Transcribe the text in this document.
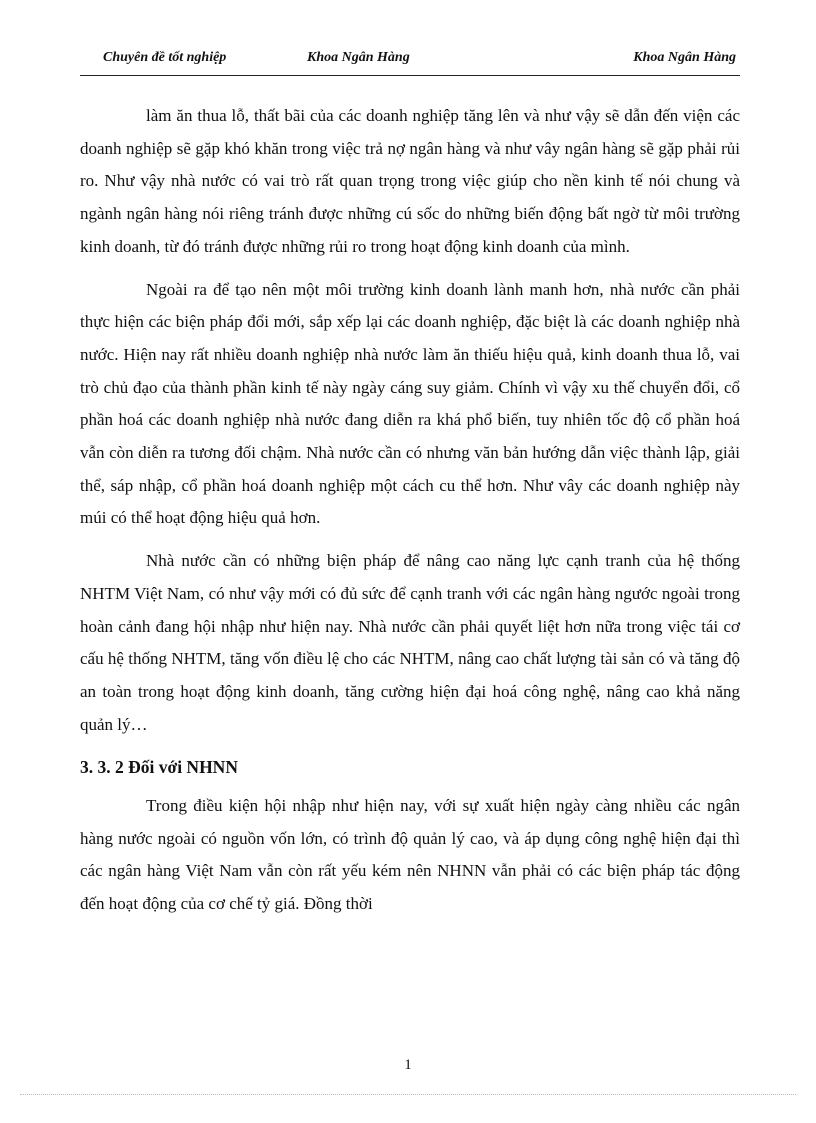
Chuyên đề tốt nghiệp	Khoa Ngân Hàng	Khoa Ngân Hàng

làm ăn thua lỗ, thất bãi của các doanh nghiệp tăng lên và như vậy sẽ dẫn đến viện các doanh nghiệp sẽ gặp khó khăn trong việc trả nợ ngân hàng và như vây ngân hàng sẽ gặp phải rủi ro. Như vậy nhà nước có vai trò rất quan trọng trong việc giúp cho nền kinh tế nói chung và ngành ngân hàng nói riêng tránh được những cú sốc do những biến động bất ngờ từ môi trường kinh doanh, từ đó tránh được những rủi ro trong hoạt động kinh doanh của mình.

Ngoài ra để tạo nên một môi trường kinh doanh lành manh hơn, nhà nước cần phải thực hiện các biện pháp đổi mới, sắp xếp lại các doanh nghiệp, đặc biệt là các doanh nghiệp nhà nước. Hiện nay rất nhiều doanh nghiệp nhà nước làm ăn thiếu hiệu quả, kinh doanh thua lỗ, vai trò chủ đạo của thành phần kinh tế này ngày cáng suy giảm. Chính vì vậy xu thế chuyển đổi, cổ phần hoá các doanh nghiệp nhà nước đang diễn ra khá phổ biến, tuy nhiên tốc độ cổ phần hoá vẫn còn diễn ra tương đối chậm. Nhà nước cần có nhưng văn bản hướng dẫn việc thành lập, giải thể, sáp nhập, cổ phần hoá doanh nghiệp một cách cu thể hơn. Như vây các doanh nghiệp này múi có thể hoạt động hiệu quả hơn.

Nhà nước cần có những biện pháp để nâng cao năng lực cạnh tranh của hệ thống NHTM Việt Nam, có như vậy mới có đủ sức để cạnh tranh với các ngân hàng ngước ngoài trong hoàn cảnh đang hội nhập như hiện nay. Nhà nước cần phải quyết liệt hơn nữa trong việc tái cơ cấu hệ thống NHTM, tăng vốn điều lệ cho các NHTM, nâng cao chất lượng tài sản có và tăng độ an toàn trong hoạt động kinh doanh, tăng cường hiện đại hoá công nghệ, nâng cao khả năng quản lý…

3. 3. 2 Đối với NHNN

Trong điều kiện hội nhập như hiện nay, với sự xuất hiện ngày càng nhiều các ngân hàng nước ngoài có nguồn vốn lớn, có trình độ quản lý cao, và áp dụng công nghệ hiện đại thì các ngân hàng Việt Nam vẫn còn rất yếu kém nên NHNN vẫn phải có các biện pháp tác động đến hoạt động của cơ chế tỷ giá. Đồng thời

1
